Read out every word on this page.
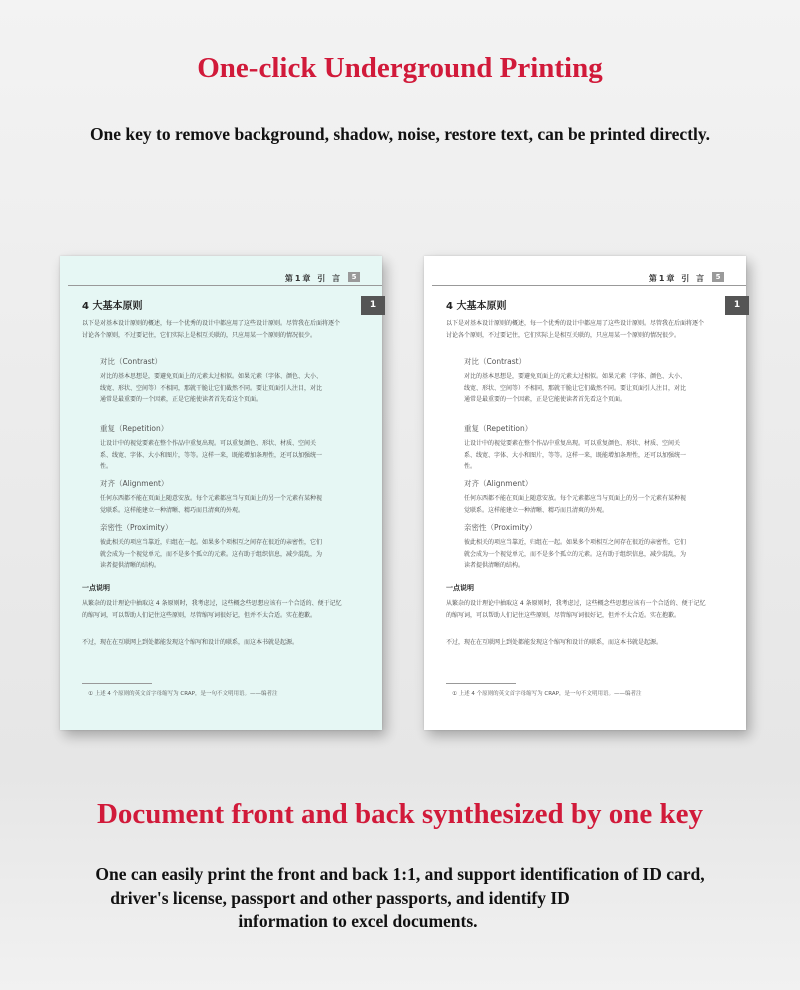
One-click Underground Printing
One key to remove background, shadow, noise, restore text, can be printed directly.
第1章 引 言	5
1
4 大基本原则
以下是对基本设计原则的概述，每一个优秀的设计中都应用了这些设计原则。尽管我在后面将逐个讨论各个原则，不过要记住，它们实际上是相互关联的，只应用某一个原则的情况很少。
对比（Contrast）
对比的基本思想是，要避免页面上的元素太过相似。如果元素（字体、颜色、大小、线宽、形状、空间等）不相同，那就干脆让它们截然不同。要让页面引人注目，对比通常是最重要的一个因素，正是它能使读者首先看这个页面。
重复（Repetition）
让设计中的视觉要素在整个作品中重复出现。可以重复颜色、形状、材质、空间关系、线宽、字体、大小和图片，等等。这样一来，既能增加条理性，还可以加强统一性。
对齐（Alignment）
任何东西都不能在页面上随意安放。每个元素都应当与页面上的另一个元素有某种视觉联系。这样能建立一种清晰、精巧而且清爽的外观。
亲密性（Proximity）
彼此相关的项应当靠近，归组在一起。如果多个项相互之间存在很近的亲密性，它们就会成为一个视觉单元，而不是多个孤立的元素。这有助于组织信息，减少混乱，为读者提供清晰的结构。
一点说明
从繁杂的设计理论中抽取这 4 条原则时，我考虑过，这些概念些思想应该有一个合适的、便于记忆的缩写词，可以帮助人们记住这些原则，尽管缩写词很好记，但并不太合适。实在抱歉。
不过，现在在互联网上到处都能发现这个缩写和设计的联系，而这本书就是起源。
① 上述 4 个原则的英文首字母缩写为 CRAP，是一句不文明用语。——编者注
第1章 引 言	5
1
4 大基本原则
以下是对基本设计原则的概述，每一个优秀的设计中都应用了这些设计原则。尽管我在后面将逐个讨论各个原则，不过要记住，它们实际上是相互关联的，只应用某一个原则的情况很少。
对比（Contrast）
对比的基本思想是，要避免页面上的元素太过相似。如果元素（字体、颜色、大小、线宽、形状、空间等）不相同，那就干脆让它们截然不同。要让页面引人注目，对比通常是最重要的一个因素，正是它能使读者首先看这个页面。
重复（Repetition）
让设计中的视觉要素在整个作品中重复出现。可以重复颜色、形状、材质、空间关系、线宽、字体、大小和图片，等等。这样一来，既能增加条理性，还可以加强统一性。
对齐（Alignment）
任何东西都不能在页面上随意安放。每个元素都应当与页面上的另一个元素有某种视觉联系。这样能建立一种清晰、精巧而且清爽的外观。
亲密性（Proximity）
彼此相关的项应当靠近，归组在一起。如果多个项相互之间存在很近的亲密性，它们就会成为一个视觉单元，而不是多个孤立的元素。这有助于组织信息，减少混乱，为读者提供清晰的结构。
一点说明
从繁杂的设计理论中抽取这 4 条原则时，我考虑过，这些概念些思想应该有一个合适的、便于记忆的缩写词，可以帮助人们记住这些原则，尽管缩写词很好记，但并不太合适。实在抱歉。
不过，现在在互联网上到处都能发现这个缩写和设计的联系，而这本书就是起源。
① 上述 4 个原则的英文首字母缩写为 CRAP，是一句不文明用语。——编者注
Document front and back synthesized by one key
One can easily print the front and back 1:1, and support identification of ID card,
driver's license, passport and other passports, and identify ID
information to excel documents.
